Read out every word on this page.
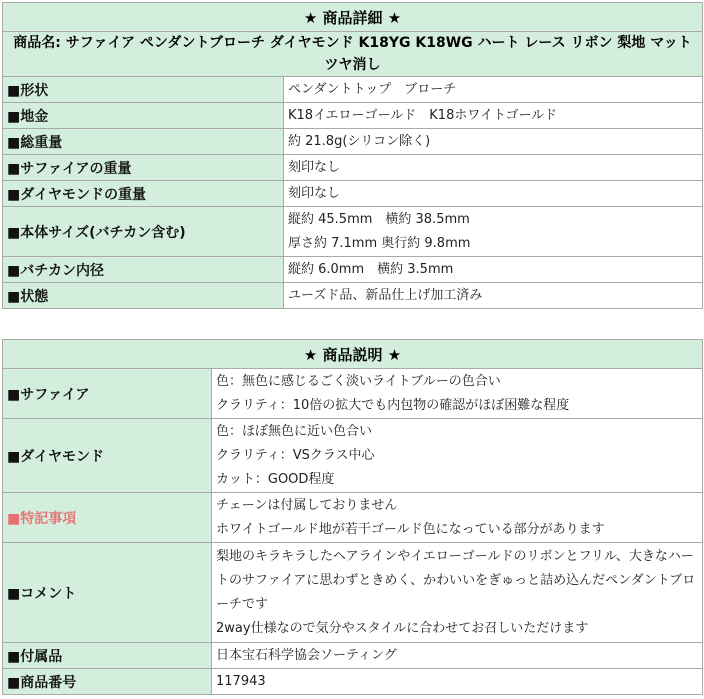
★ 商品詳細 ★	
商品名: サファイア ペンダントブローチ ダイヤモンド K18YG K18WG ハート レース リボン 梨地 マット ツヤ消し	
■形状	ペンダントトップ　ブローチ

■地金	K18イエローゴールド　K18ホワイトゴールド

■総重量	約 21.8g(シリコン除く)

■サファイアの重量	刻印なし

■ダイヤモンドの重量	刻印なし

■本体サイズ(バチカン含む)	縦約 45.5mm　横約 38.5mm
厚さ約 7.1mm 奥行約 9.8mm

■バチカン内径	縦約 6.0mm　横約 3.5mm

■状態	ユーズド品、新品仕上げ加工済み
★ 商品説明 ★	
■サファイア	色：無色に感じるごく淡いライトブルーの色合い
クラリティ：10倍の拡大でも内包物の確認がほぼ困難な程度

■ダイヤモンド	色：ほぼ無色に近い色合い
クラリティ：VSクラス中心
カット：GOOD程度

■特記事項	チェーンは付属しておりません
ホワイトゴールド地が若干ゴールド色になっている部分があります

■コメント	梨地のキラキラしたヘアラインやイエローゴールドのリボンとフリル、大きなハートのサファイアに思わずときめく、かわいいをぎゅっと詰め込んだペンダントブローチです
2way仕様なので気分やスタイルに合わせてお召しいただけます

■付属品	日本宝石科学協会ソーティング

■商品番号	117943
